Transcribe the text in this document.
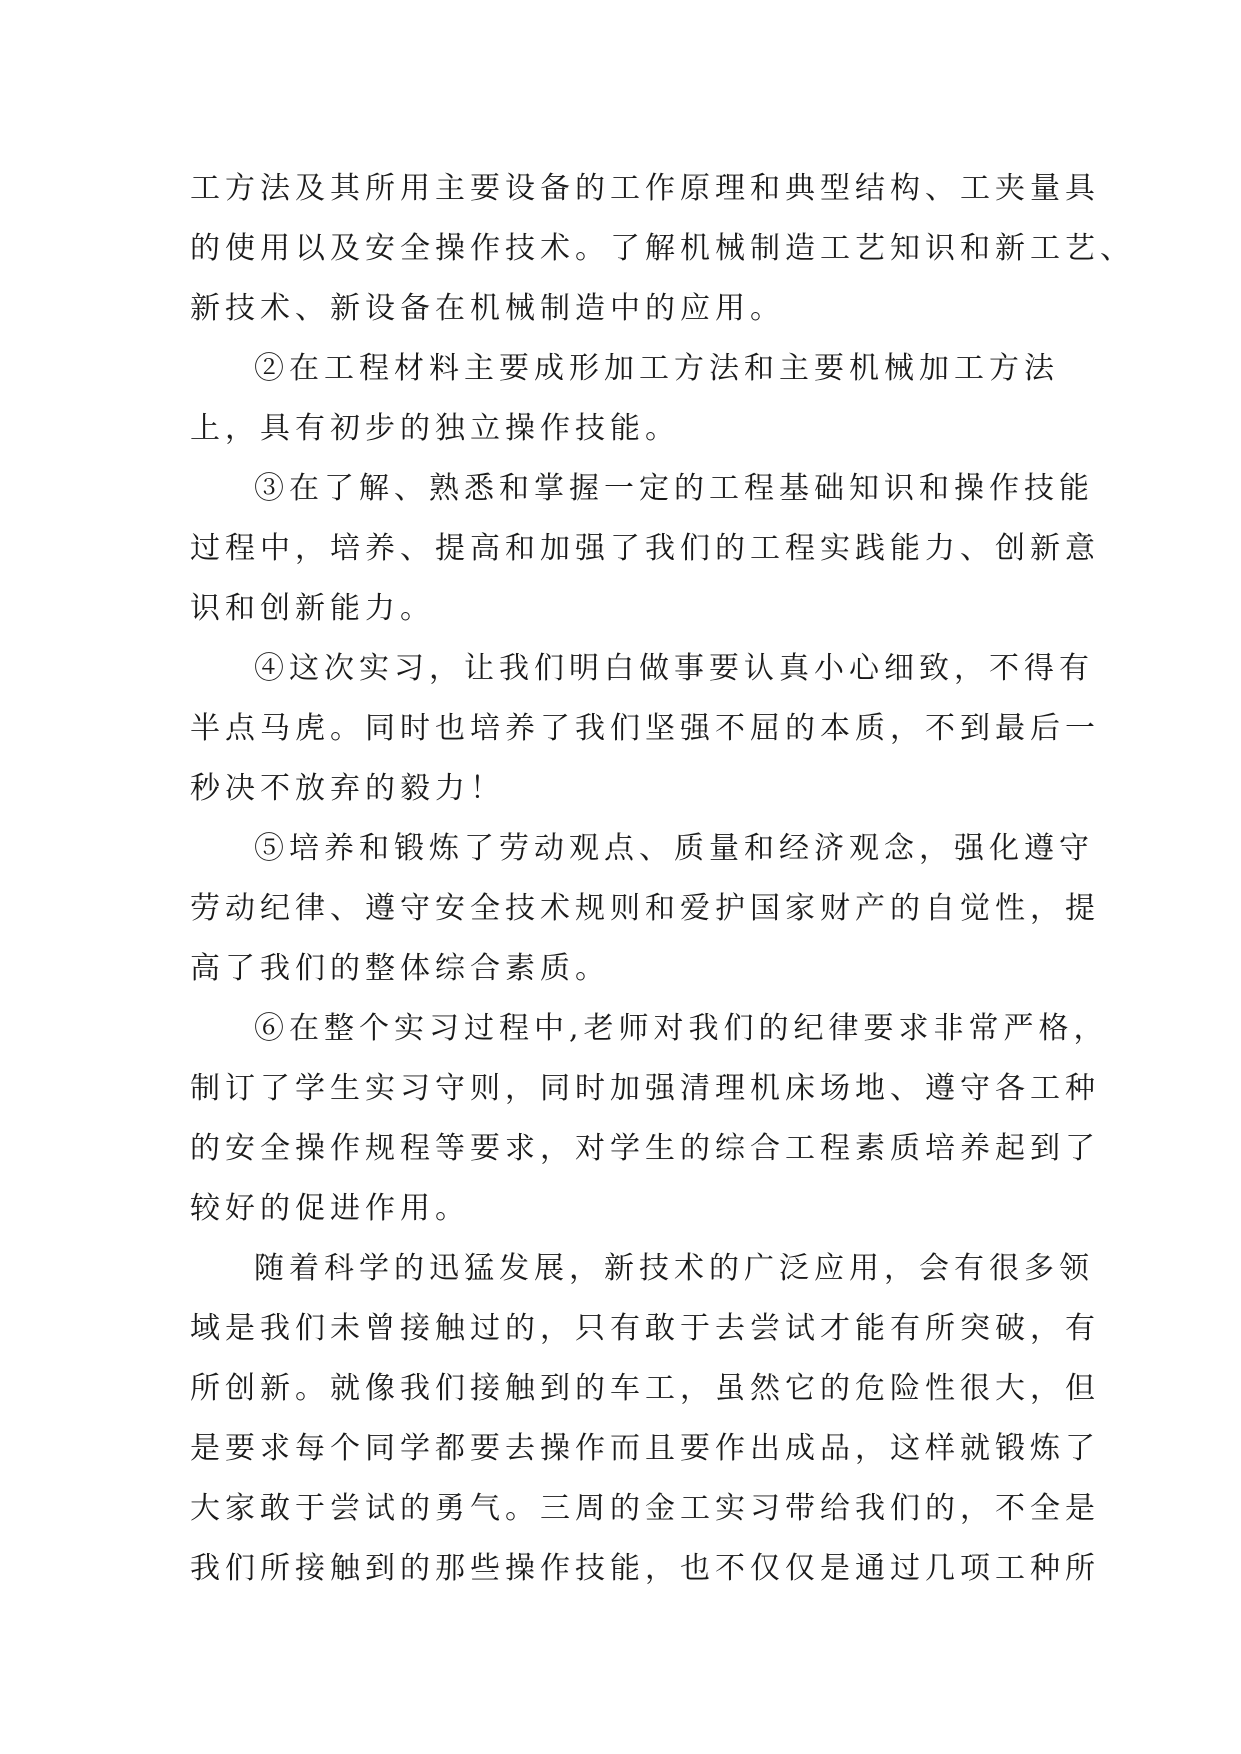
工方法及其所用主要设备的工作原理和典型结构、工夹量具
的使用以及安全操作技术。了解机械制造工艺知识和新工艺、
新技术、新设备在机械制造中的应用。
②在工程材料主要成形加工方法和主要机械加工方法
上，具有初步的独立操作技能。
③在了解、熟悉和掌握一定的工程基础知识和操作技能
过程中，培养、提高和加强了我们的工程实践能力、创新意
识和创新能力。
④这次实习，让我们明白做事要认真小心细致，不得有
半点马虎。同时也培养了我们坚强不屈的本质，不到最后一
秒决不放弃的毅力！
⑤培养和锻炼了劳动观点、质量和经济观念，强化遵守
劳动纪律、遵守安全技术规则和爱护国家财产的自觉性，提
高了我们的整体综合素质。
⑥在整个实习过程中,老师对我们的纪律要求非常严格，
制订了学生实习守则，同时加强清理机床场地、遵守各工种
的安全操作规程等要求，对学生的综合工程素质培养起到了
较好的促进作用。
随着科学的迅猛发展，新技术的广泛应用，会有很多领
域是我们未曾接触过的，只有敢于去尝试才能有所突破，有
所创新。就像我们接触到的车工，虽然它的危险性很大，但
是要求每个同学都要去操作而且要作出成品，这样就锻炼了
大家敢于尝试的勇气。三周的金工实习带给我们的，不全是
我们所接触到的那些操作技能，也不仅仅是通过几项工种所
